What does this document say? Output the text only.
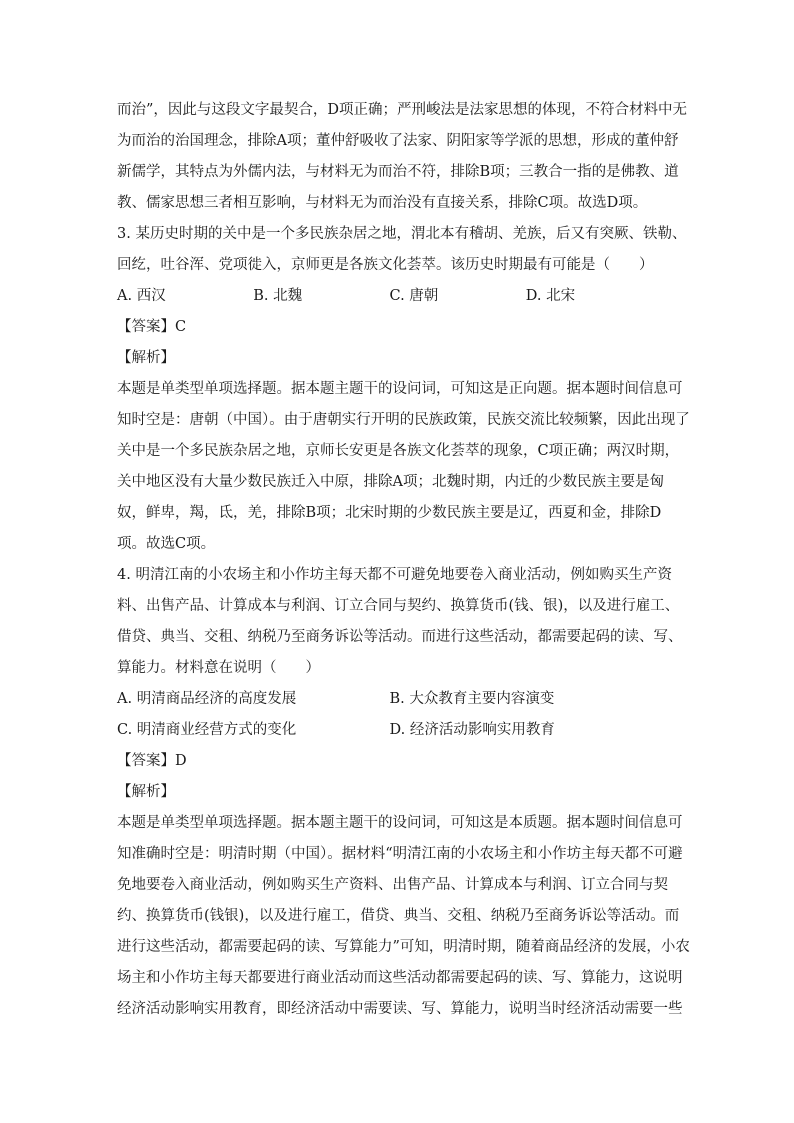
而治”，因此与这段文字最契合，D项正确；严刑峻法是法家思想的体现，不符合材料中无
为而治的治国理念，排除A项；董仲舒吸收了法家、阴阳家等学派的思想，形成的董仲舒
新儒学，其特点为外儒内法，与材料无为而治不符，排除B项；三教合一指的是佛教、道
教、儒家思想三者相互影响，与材料无为而治没有直接关系，排除C项。故选D项。
3. 某历史时期的关中是一个多民族杂居之地，渭北本有稽胡、羌族，后又有突厥、铁勒、
回纥，吐谷浑、党项徙入，京师更是各族文化荟萃。该历史时期最有可能是（　　）
A. 西汉	B. 北魏	C. 唐朝	D. 北宋
【答案】C
【解析】
本题是单类型单项选择题。据本题主题干的设问词，可知这是正向题。据本题时间信息可
知时空是：唐朝（中国）。由于唐朝实行开明的民族政策，民族交流比较频繁，因此出现了
关中是一个多民族杂居之地，京师长安更是各族文化荟萃的现象，C项正确；两汉时期，
关中地区没有大量少数民族迁入中原，排除A项；北魏时期，内迁的少数民族主要是匈
奴，鲜卑，羯，氐，羌，排除B项；北宋时期的少数民族主要是辽，西夏和金，排除D
项。故选C项。
4. 明清江南的小农场主和小作坊主每天都不可避免地要卷入商业活动，例如购买生产资
料、出售产品、计算成本与利润、订立合同与契约、换算货币(钱、银)，以及进行雇工、
借贷、典当、交租、纳税乃至商务诉讼等活动。而进行这些活动，都需要起码的读、写、
算能力。材料意在说明（　　）
A. 明清商品经济的高度发展	B. 大众教育主要内容演变
C. 明清商业经营方式的变化	D. 经济活动影响实用教育
【答案】D
【解析】
本题是单类型单项选择题。据本题主题干的设问词，可知这是本质题。据本题时间信息可
知准确时空是：明清时期（中国）。据材料“明清江南的小农场主和小作坊主每天都不可避
免地要卷入商业活动，例如购买生产资料、出售产品、计算成本与利润、订立合同与契
约、换算货币(钱银)，以及进行雇工，借贷、典当、交租、纳税乃至商务诉讼等活动。而
进行这些活动，都需要起码的读、写算能力”可知，明清时期，随着商品经济的发展，小农
场主和小作坊主每天都要进行商业活动而这些活动都需要起码的读、写、算能力，这说明
经济活动影响实用教育，即经济活动中需要读、写、算能力，说明当时经济活动需要一些
